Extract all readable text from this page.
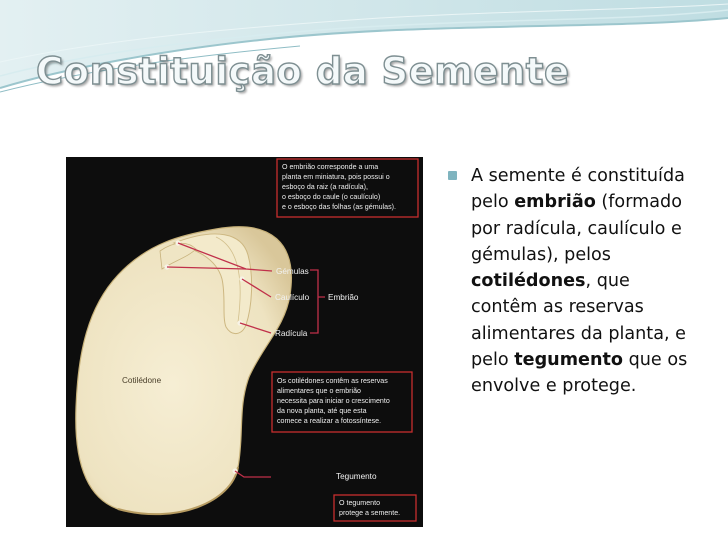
Constituição da Semente
Gémulas
Caulículo Embrião
Radícula
Cotilédone
Tegumento
O embrião corresponde a uma
planta em miniatura, pois possui o
esboço da raiz (a radícula),
o esboço do caule (o caulículo)
e o esboço das folhas (as gémulas).
Os cotilédones contêm as reservas
alimentares que o embrião
necessita para iniciar o crescimento
da nova planta, até que esta
comece a realizar a fotossíntese.
O tegumento
protege a semente.
A semente é constituída pelo embrião (formado por radícula, caulículo e gémulas), pelos cotilédones, que contêm as reservas alimentares da planta, e pelo tegumento que os envolve e protege.
